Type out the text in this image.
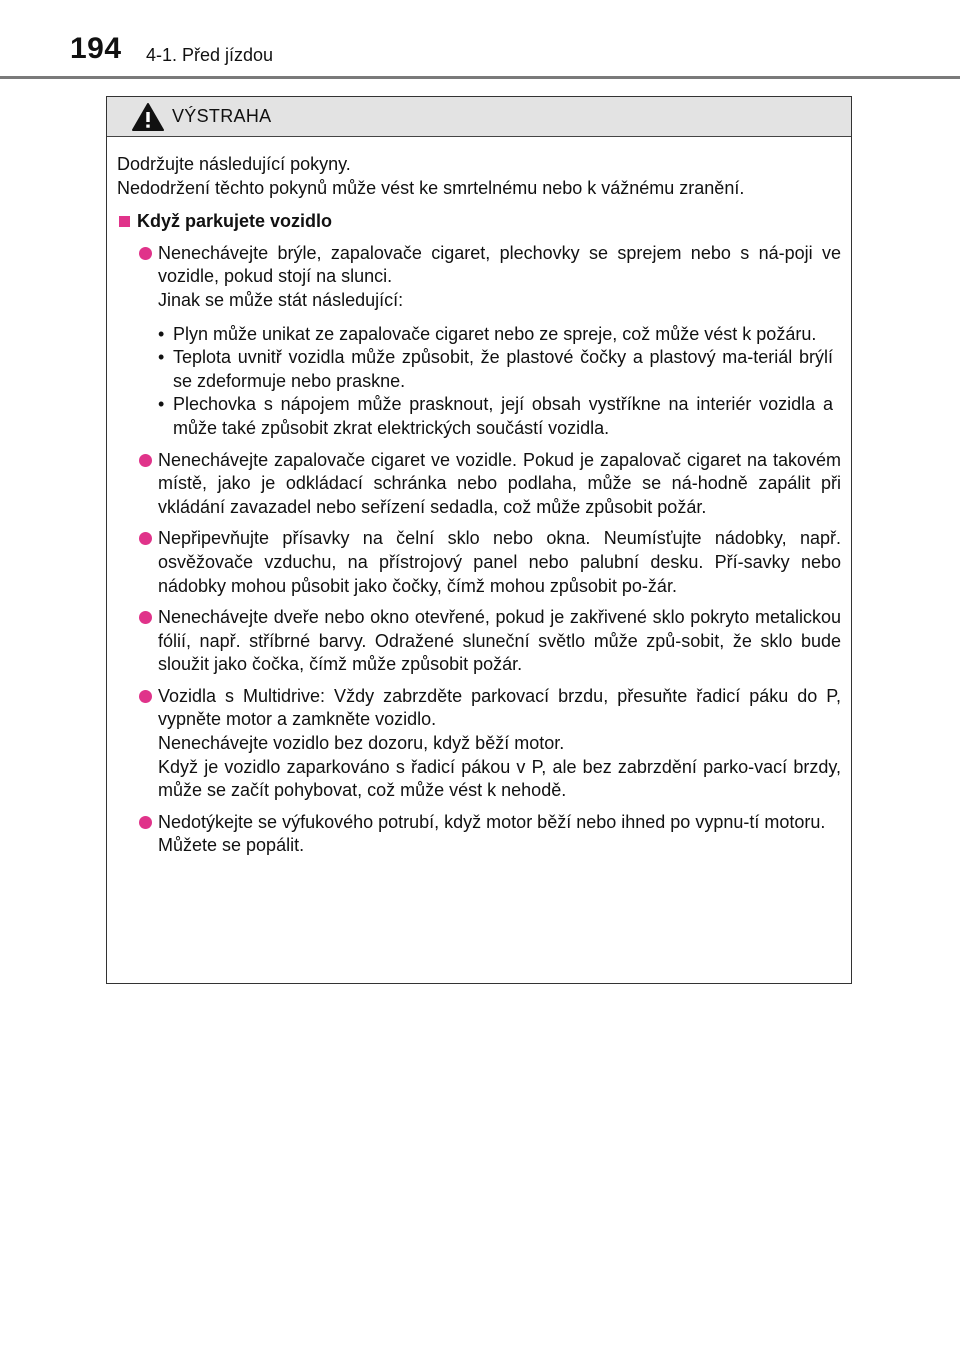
194 4-1. Před jízdou
VÝSTRAHA

Dodržujte následující pokyny.

Nedodržení těchto pokynů může vést ke smrtelnému nebo k vážnému zranění.

Když parkujete vozidlo

Nenechávejte brýle, zapalovače cigaret, plechovky se sprejem nebo s ná-poji ve vozidle, pokud stojí na slunci.

Jinak se může stát následující:

• Plyn může unikat ze zapalovače cigaret nebo ze spreje, což může vést k požáru.
• Teplota uvnitř vozidla může způsobit, že plastové čočky a plastový ma-teriál brýlí se zdeformuje nebo praskne.
• Plechovka s nápojem může prasknout, její obsah vystříkne na interiér vozidla a může také způsobit zkrat elektrických součástí vozidla.

Nenechávejte zapalovače cigaret ve vozidle. Pokud je zapalovač cigaret na takovém místě, jako je odkládací schránka nebo podlaha, může se ná-hodně zapálit při vkládání zavazadel nebo seřízení sedadla, což může způsobit požár.

Nepřipevňujte přísavky na čelní sklo nebo okna. Neumísťujte nádobky, např. osvěžovače vzduchu, na přístrojový panel nebo palubní desku. Pří-savky nebo nádobky mohou působit jako čočky, čímž mohou způsobit po-žár.

Nenechávejte dveře nebo okno otevřené, pokud je zakřivené sklo pokryto metalickou fólií, např. stříbrné barvy. Odražené sluneční světlo může způ-sobit, že sklo bude sloužit jako čočka, čímž může způsobit požár.

Vozidla s Multidrive: Vždy zabrzděte parkovací brzdu, přesuňte řadicí páku do P, vypněte motor a zamkněte vozidlo.

Nenechávejte vozidlo bez dozoru, když běží motor.

Když je vozidlo zaparkováno s řadicí pákou v P, ale bez zabrzdění parko-vací brzdy, může se začít pohybovat, což může vést k nehodě.

Nedotýkejte se výfukového potrubí, když motor běží nebo ihned po vypnu-tí motoru.

Můžete se popálit.
